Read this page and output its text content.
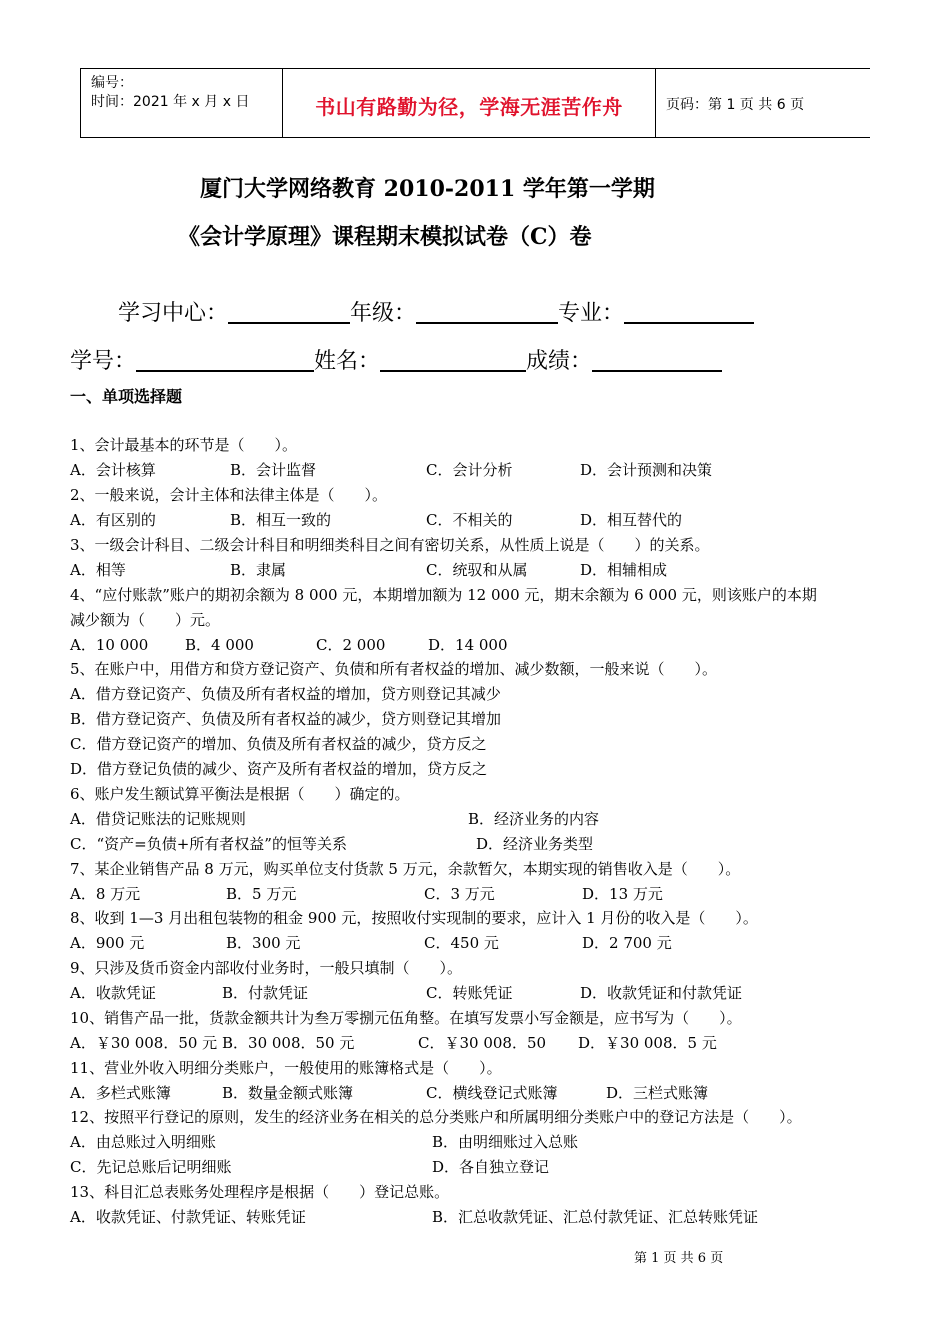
编号：
时间：2021 年 x 月 x 日	书山有路勤为径，学海无涯苦作舟	页码：第 1 页 共 6 页
厦门大学网络教育 2010-2011 学年第一学期
《会计学原理》课程期末模拟试卷（C）卷
学习中心：	年级：	专业：
学号：	姓名：	成绩：
一、单项选择题
1、会计最基本的环节是（　　）。
A．会计核算	B．会计监督	C．会计分析	D．会计预测和决策
2、一般来说，会计主体和法律主体是（　　）。
A．有区别的	B．相互一致的	C．不相关的	D．相互替代的
3、一级会计科目、二级会计科目和明细类科目之间有密切关系，从性质上说是（　　）的关系。
A．相等	B．隶属	C．统驭和从属	D．相辅相成
4、“应付账款”账户的期初余额为 8 000 元，本期增加额为 12 000 元，期末余额为 6 000 元，则该账户的本期
减少额为（　　）元。
A．10 000 B．4 000	C．2 000	D．14 000
5、在账户中，用借方和贷方登记资产、负债和所有者权益的增加、减少数额，一般来说（　　）。
A．借方登记资产、负债及所有者权益的增加，贷方则登记其减少
B．借方登记资产、负债及所有者权益的减少，贷方则登记其增加
C．借方登记资产的增加、负债及所有者权益的减少，贷方反之
D．借方登记负债的减少、资产及所有者权益的增加，贷方反之
6、账户发生额试算平衡法是根据（　　）确定的。
A．借贷记账法的记账规则	B．经济业务的内容
C．“资产=负债+所有者权益”的恒等关系	D．经济业务类型
7、某企业销售产品 8 万元，购买单位支付货款 5 万元，余款暂欠，本期实现的销售收入是（　　）。
A．8 万元	B．5 万元	C．3 万元	D．13 万元
8、收到 1—3 月出租包装物的租金 900 元，按照收付实现制的要求，应计入 1 月份的收入是（　　）。
A．900 元	B．300 元	C．450 元	D．2 700 元
9、只涉及货币资金内部收付业务时，一般只填制（　　）。
A．收款凭证	B．付款凭证	C．转账凭证	D．收款凭证和付款凭证
10、销售产品一批，货款金额共计为叁万零捌元伍角整。在填写发票小写金额是，应书写为（　　）。
A．￥30 008．50 元 B．30 008．50 元	C．￥30 008．50 D．￥30 008．5 元
11、营业外收入明细分类账户，一般使用的账簿格式是（　　）。
A．多栏式账簿	B．数量金额式账簿	C．横线登记式账簿	D．三栏式账簿
12、按照平行登记的原则，发生的经济业务在相关的总分类账户和所属明细分类账户中的登记方法是（　　）。
A．由总账过入明细账	B．由明细账过入总账
C．先记总账后记明细账	D．各自独立登记
13、科目汇总表账务处理程序是根据（　　）登记总账。
A．收款凭证、付款凭证、转账凭证	B．汇总收款凭证、汇总付款凭证、汇总转账凭证
第 1 页 共 6 页
